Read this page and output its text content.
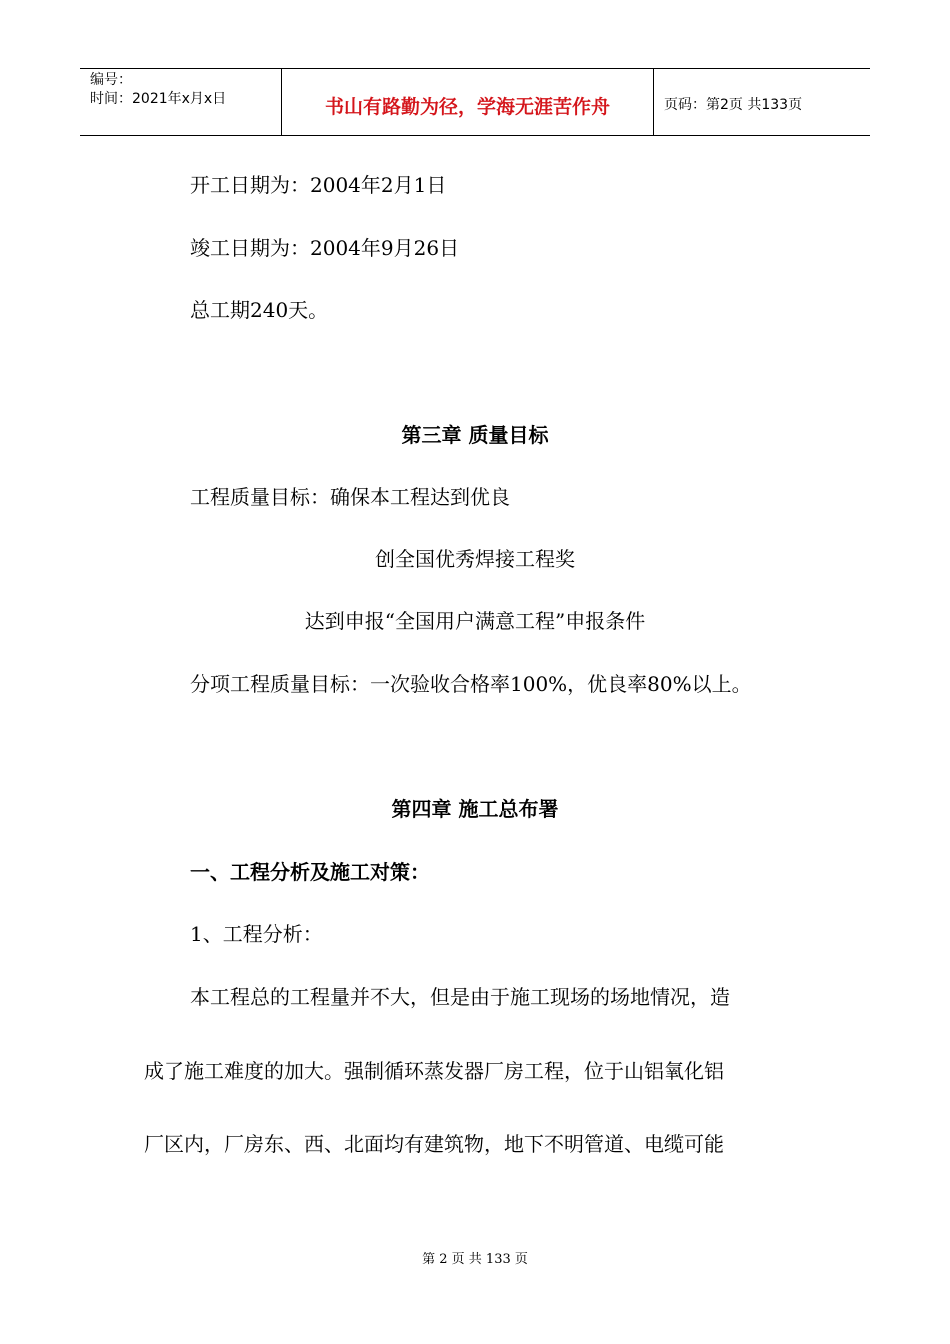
编号：
时间：2021年x月x日	书山有路勤为径，学海无涯苦作舟	页码：第2页 共133页
开工日期为：2004年2月1日
竣工日期为：2004年9月26日
总工期240天。
第三章 质量目标
工程质量目标：确保本工程达到优良
创全国优秀焊接工程奖
达到申报“全国用户满意工程”申报条件
分项工程质量目标：一次验收合格率100%，优良率80%以上。
第四章 施工总布署
一、工程分析及施工对策：
1、工程分析：
本工程总的工程量并不大，但是由于施工现场的场地情况，造
成了施工难度的加大。强制循环蒸发器厂房工程，位于山铝氧化铝
厂区内，厂房东、西、北面均有建筑物，地下不明管道、电缆可能
第 2 页 共 133 页
